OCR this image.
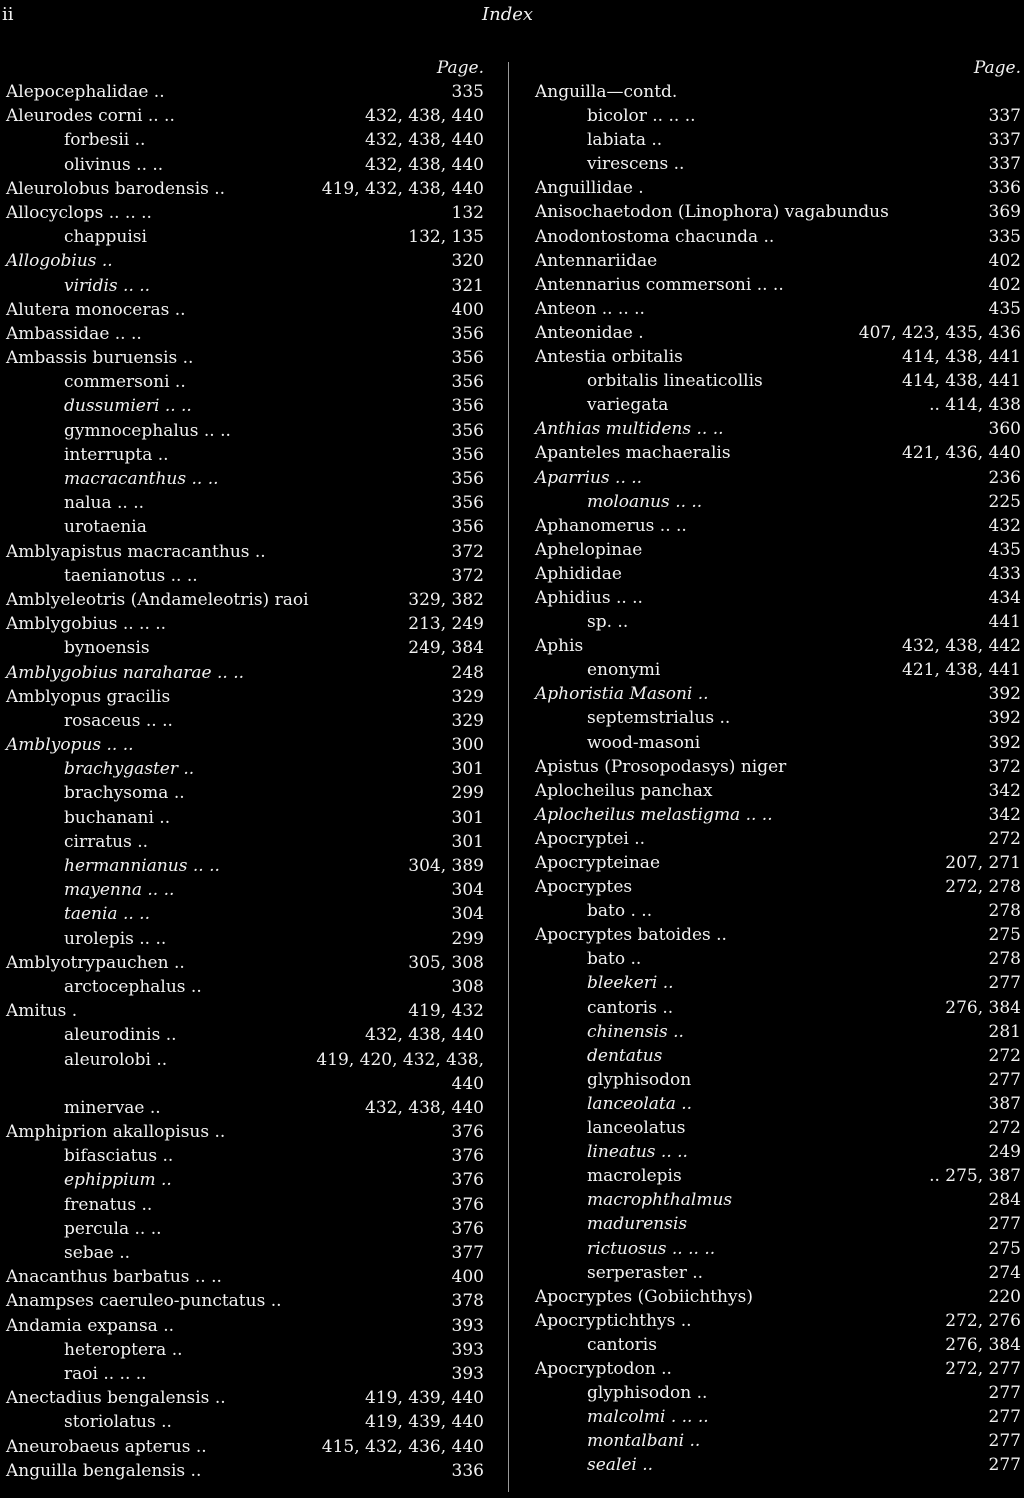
ii	Index
Page.
Alepocephalidae ..	335
Aleurodes corni .. ..	432, 438, 440
forbesii ..	432, 438, 440
olivinus .. ..	432, 438, 440
Aleurolobus barodensis ..	419, 432, 438, 440
Allocyclops .. .. ..	132
chappuisi	132, 135
Allogobius ..	320
viridis .. ..	321
Alutera monoceras ..	400
Ambassidae .. ..	356
Ambassis buruensis ..	356
commersoni ..	356
dussumieri .. ..	356
gymnocephalus .. ..	356
interrupta ..	356
macracanthus .. ..	356
nalua .. ..	356
urotaenia	356
Amblyapistus macracanthus ..	372
taenianotus .. ..	372
Amblyeleotris (Andameleotris) raoi	329, 382
Amblygobius .. .. ..	213, 249
bynoensis	249, 384
Amblygobius naraharae .. ..	248
Amblyopus gracilis	329
rosaceus .. ..	329
Amblyopus .. ..	300
brachygaster ..	301
brachysoma ..	299
buchanani ..	301
cirratus ..	301
hermannianus .. ..	304, 389
mayenna .. ..	304
taenia .. ..	304
urolepis .. ..	299
Amblyotrypauchen ..	305, 308
arctocephalus ..	308
Amitus .	419, 432
aleurodinis ..	432, 438, 440
aleurolobi ..	419, 420, 432, 438,
440
minervae ..	432, 438, 440
Amphiprion akallopisus ..	376
bifasciatus ..	376
ephippium ..	376
frenatus ..	376
percula .. ..	376
sebae ..	377
Anacanthus barbatus .. ..	400
Anampses caeruleo-punctatus ..	378
Andamia expansa ..	393
heteroptera ..	393
raoi .. .. ..	393
Anectadius bengalensis ..	419, 439, 440
storiolatus ..	419, 439, 440
Aneurobaeus apterus ..	415, 432, 436, 440
Anguilla bengalensis ..	336
Page.
Anguilla—contd.
bicolor .. .. ..	337
labiata ..	337
virescens ..	337
Anguillidae .	336
Anisochaetodon (Linophora) vagabundus	369
Anodontostoma chacunda ..	335
Antennariidae	402
Antennarius commersoni .. ..	402
Anteon .. .. ..	435
Anteonidae .	407, 423, 435, 436
Antestia orbitalis	414, 438, 441
orbitalis lineaticollis	414, 438, 441
variegata	.. 414, 438
Anthias multidens .. ..	360
Apanteles machaeralis	421, 436, 440
Aparrius .. ..	236
moloanus .. ..	225
Aphanomerus .. ..	432
Aphelopinae	435
Aphididae	433
Aphidius .. ..	434
sp. ..	441
Aphis	432, 438, 442
enonymi	421, 438, 441
Aphoristia Masoni ..	392
septemstrialus ..	392
wood-masoni	392
Apistus (Prosopodasys) niger	372
Aplocheilus panchax	342
Aplocheilus melastigma .. ..	342
Apocryptei ..	272
Apocrypteinae	207, 271
Apocryptes	272, 278
bato . ..	278
Apocryptes batoides ..	275
bato ..	278
bleekeri ..	277
cantoris ..	276, 384
chinensis ..	281
dentatus	272
glyphisodon	277
lanceolata ..	387
lanceolatus	272
lineatus .. ..	249
macrolepis	.. 275, 387
macrophthalmus	284
madurensis	277
rictuosus .. .. ..	275
serperaster ..	274
Apocryptes (Gobiichthys)	220
Apocryptichthys ..	272, 276
cantoris	276, 384
Apocryptodon ..	272, 277
glyphisodon ..	277
malcolmi . .. ..	277
montalbani ..	277
sealei ..	277
